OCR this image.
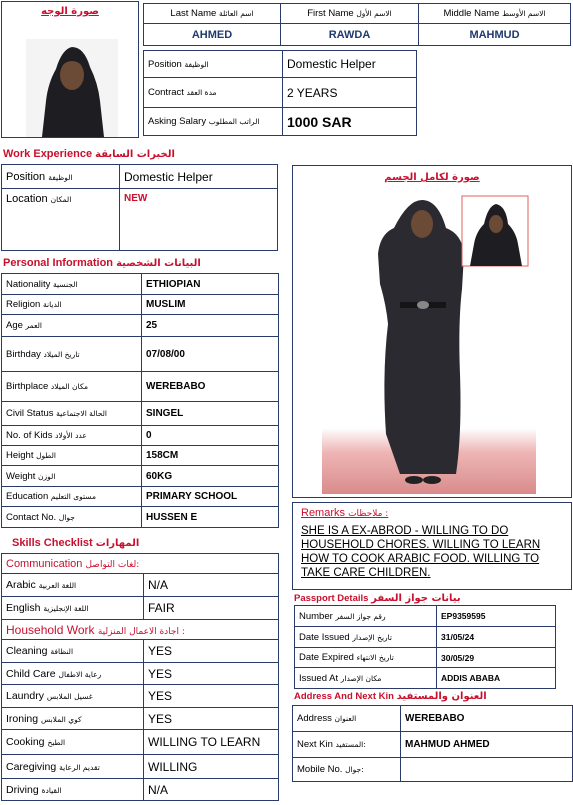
صورة الوجه	Last Name اسم العائلة	First Name الاسم الأول	Middle Name الاسم الأوسط
AHMED	RAWDA	MAHMUD
Position الوظيفة	Domestic Helper
Contract مدة العقد	2 YEARS
Asking Salary الراتب المطلوب	1000 SAR
Work Experience الخبرات السابقة
Position الوظيفة	Domestic Helper
Location المكان	NEW
Personal Information البيانات الشخصية
Nationality الجنسية	ETHIOPIAN
Religion الديانة	MUSLIM
Age العمر	25
Birthday تاريخ الميلاد	07/08/00
Birthplace مكان الميلاد	WEREBABO
Civil Status الحالة الاجتماعية	SINGEL
No. of Kids عدد الأولاد	0
Height الطول	158CM
Weight الوزن	60KG
Education مستوى التعليم	PRIMARY SCHOOL
Contact No. جوال	HUSSEN E
Skills Checklist المهارات
Communication لغات التواصل:	
Arabic اللغة العربية	N/A
English اللغة الإنجليزية	FAIR
Household Work اجادة الاعمال المنزلية :	
Cleaning النظافة	YES
Child Care رعاية الاطفال	YES
Laundry غسيل الملابس	YES
Ironing كوي الملابس	YES
Cooking الطبخ	WILLING TO LEARN
Caregiving تقديم الرعاية	WILLING
Driving القيادة	N/A
صورة لكامل الجسم
Remarks ملاحظات :
SHE IS A EX-ABROD - WILLING TO DO HOUSEHOLD CHORES. WILLING TO LEARN HOW TO COOK ARABIC FOOD. WILLING TO TAKE CARE CHILDREN.
Passport Details بيانات جواز السفر
Number رقم جواز السفر	EP9359595
Date Issued تاريخ الإصدار	31/05/24
Date Expired تاريخ الانتهاء	30/05/29
Issued At مكان الإصدار	ADDIS ABABA
Address And Next Kin العنوان والمستفيد
Address العنوان	WEREBABO
Next Kin المستفيد:	MAHMUD AHMED
Mobile No. جوال:	
